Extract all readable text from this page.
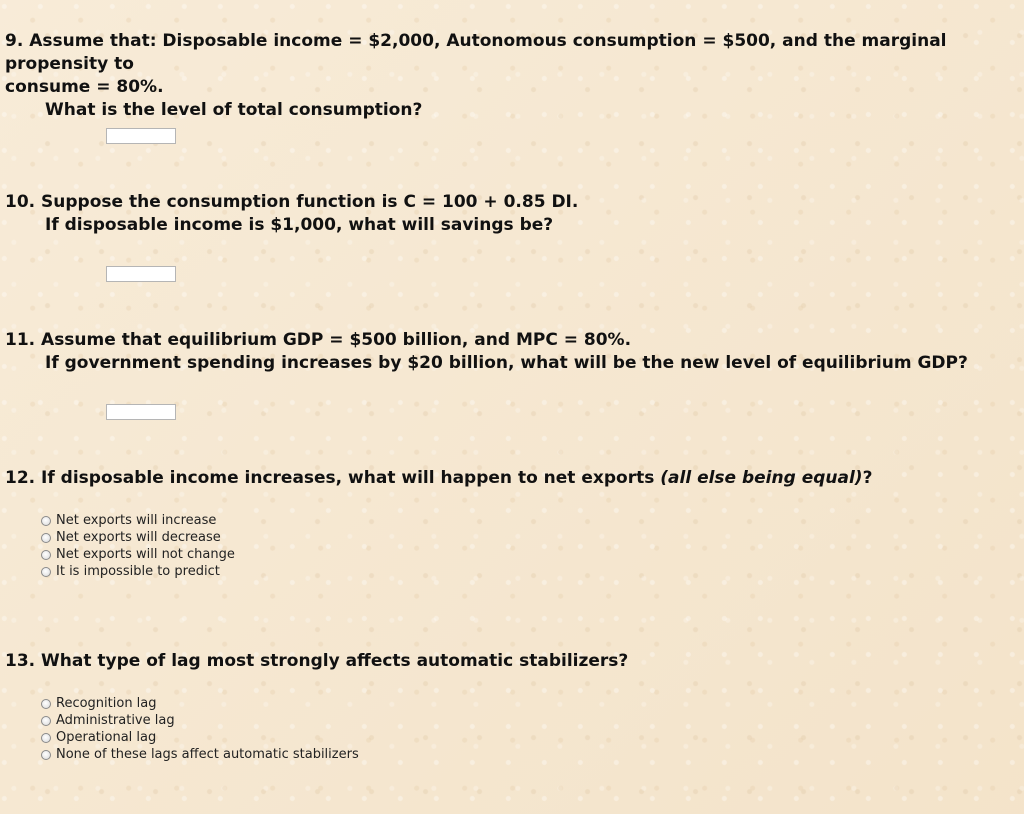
9. Assume that: Disposable income = $2,000, Autonomous consumption = $500, and the marginal propensity to

consume = 80%.

What is the level of total consumption?

10. Suppose the consumption function is C = 100 + 0.85 DI.

If disposable income is $1,000, what will savings be?

11. Assume that equilibrium GDP = $500 billion, and MPC = 80%.

If government spending increases by $20 billion, what will be the new level of equilibrium GDP?

12. If disposable income increases, what will happen to net exports (all else being equal)?

Net exports will increase
Net exports will decrease
Net exports will not change
It is impossible to predict

13. What type of lag most strongly affects automatic stabilizers?

Recognition lag
Administrative lag
Operational lag
None of these lags affect automatic stabilizers
